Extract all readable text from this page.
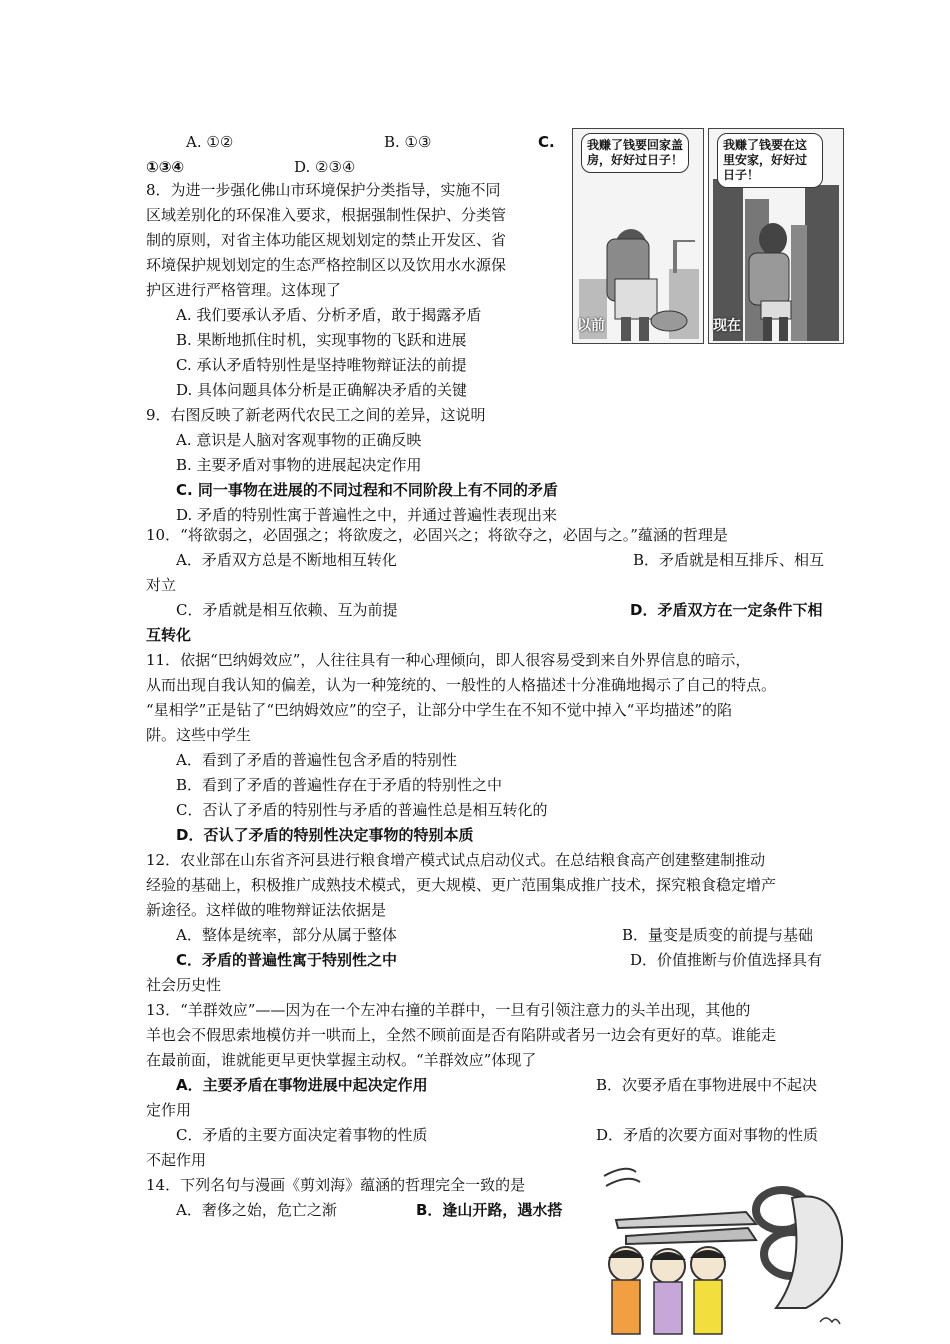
A. ①②	B. ①③	C.
①③④	D. ②③④
8．为进一步强化佛山市环境保护分类指导，实施不同
区域差别化的环保准入要求，根据强制性保护、分类管
制的原则，对省主体功能区规划划定的禁止开发区、省
环境保护规划划定的生态严格控制区以及饮用水水源保
护区进行严格管理。这体现了
A. 我们要承认矛盾、分析矛盾，敢于揭露矛盾
B. 果断地抓住时机，实现事物的飞跃和进展
C. 承认矛盾特别性是坚持唯物辩证法的前提
D. 具体问题具体分析是正确解决矛盾的关键
我赚了钱要回家盖房，好好过日子！
以前
我赚了钱要在这里安家，好好过日子！
现在
9．右图反映了新老两代农民工之间的差异，这说明
A. 意识是人脑对客观事物的正确反映
B. 主要矛盾对事物的进展起决定作用
C. 同一事物在进展的不同过程和不同阶段上有不同的矛盾
D. 矛盾的特别性寓于普遍性之中，并通过普遍性表现出来
10．“将欲弱之，必固强之；将欲废之，必固兴之；将欲夺之，必固与之。”蕴涵的哲理是
A．矛盾双方总是不断地相互转化	B．矛盾就是相互排斥、相互
对立
C．矛盾就是相互依赖、互为前提	D．矛盾双方在一定条件下相
互转化
11．依据“巴纳姆效应”，人往往具有一种心理倾向，即人很容易受到来自外界信息的暗示，
从而出现自我认知的偏差，认为一种笼统的、一般性的人格描述十分准确地揭示了自己的特点。
“星相学”正是钻了“巴纳姆效应”的空子，让部分中学生在不知不觉中掉入“平均描述”的陷
阱。这些中学生
A．看到了矛盾的普遍性包含矛盾的特别性
B．看到了矛盾的普遍性存在于矛盾的特别性之中
C．否认了矛盾的特别性与矛盾的普遍性总是相互转化的
D．否认了矛盾的特别性决定事物的特别本质
12．农业部在山东省齐河县进行粮食增产模式试点启动仪式。在总结粮食高产创建整建制推动
经验的基础上，积极推广成熟技术模式，更大规模、更广范围集成推广技术，探究粮食稳定增产
新途径。这样做的唯物辩证法依据是
A．整体是统率，部分从属于整体	B．量变是质变的前提与基础
C．矛盾的普遍性寓于特别性之中	D．价值推断与价值选择具有
社会历史性
13．“羊群效应”——因为在一个左冲右撞的羊群中，一旦有引领注意力的头羊出现，其他的
羊也会不假思索地模仿并一哄而上，全然不顾前面是否有陷阱或者另一边会有更好的草。谁能走
在最前面，谁就能更早更快掌握主动权。“羊群效应”体现了
A．主要矛盾在事物进展中起决定作用	B．次要矛盾在事物进展中不起决
定作用
C．矛盾的主要方面决定着事物的性质	D．矛盾的次要方面对事物的性质
不起作用
14．下列名句与漫画《剪刘海》蕴涵的哲理完全一致的是
A．奢侈之始，危亡之渐	B．逢山开路，遇水搭
